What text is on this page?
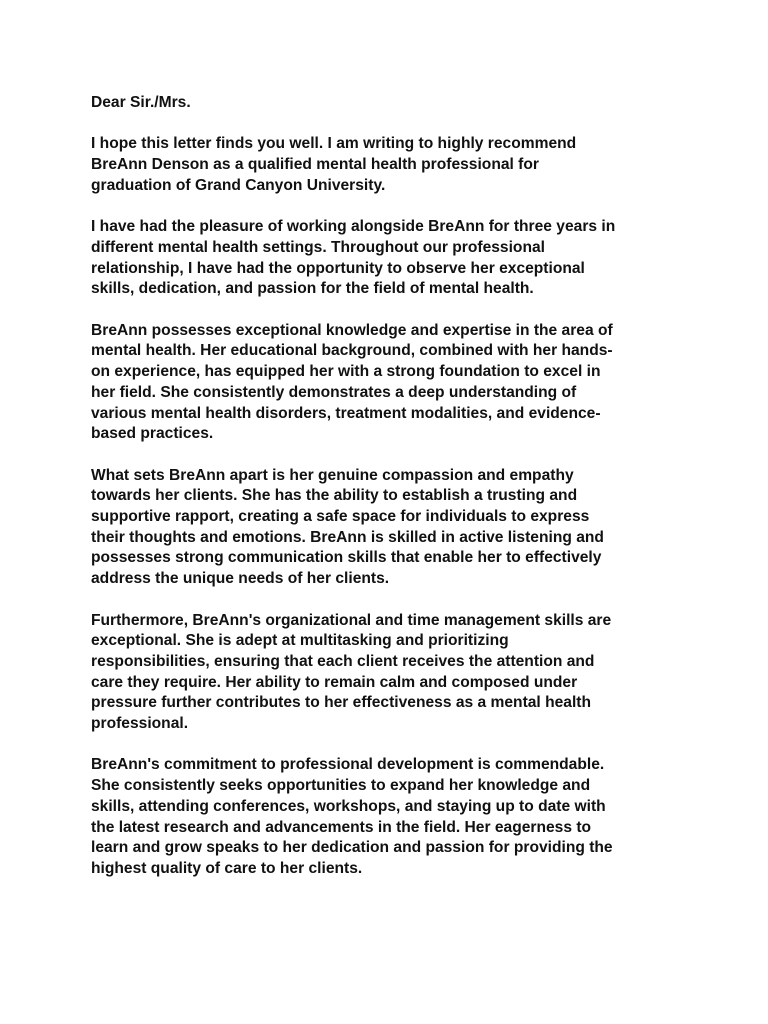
Dear Sir./Mrs.

I hope this letter finds you well. I am writing to highly recommend
BreAnn Denson as a qualified mental health professional for
graduation of Grand Canyon University.

I have had the pleasure of working alongside BreAnn for three years in
different mental health settings. Throughout our professional
relationship, I have had the opportunity to observe her exceptional
skills, dedication, and passion for the field of mental health.

BreAnn possesses exceptional knowledge and expertise in the area of
mental health. Her educational background, combined with her hands-
on experience, has equipped her with a strong foundation to excel in
her field. She consistently demonstrates a deep understanding of
various mental health disorders, treatment modalities, and evidence-
based practices.

What sets BreAnn apart is her genuine compassion and empathy
towards her clients. She has the ability to establish a trusting and
supportive rapport, creating a safe space for individuals to express
their thoughts and emotions. BreAnn is skilled in active listening and
possesses strong communication skills that enable her to effectively
address the unique needs of her clients.

Furthermore, BreAnn's organizational and time management skills are
exceptional. She is adept at multitasking and prioritizing
responsibilities, ensuring that each client receives the attention and
care they require. Her ability to remain calm and composed under
pressure further contributes to her effectiveness as a mental health
professional.

BreAnn's commitment to professional development is commendable.
She consistently seeks opportunities to expand her knowledge and
skills, attending conferences, workshops, and staying up to date with
the latest research and advancements in the field. Her eagerness to
learn and grow speaks to her dedication and passion for providing the
highest quality of care to her clients.
